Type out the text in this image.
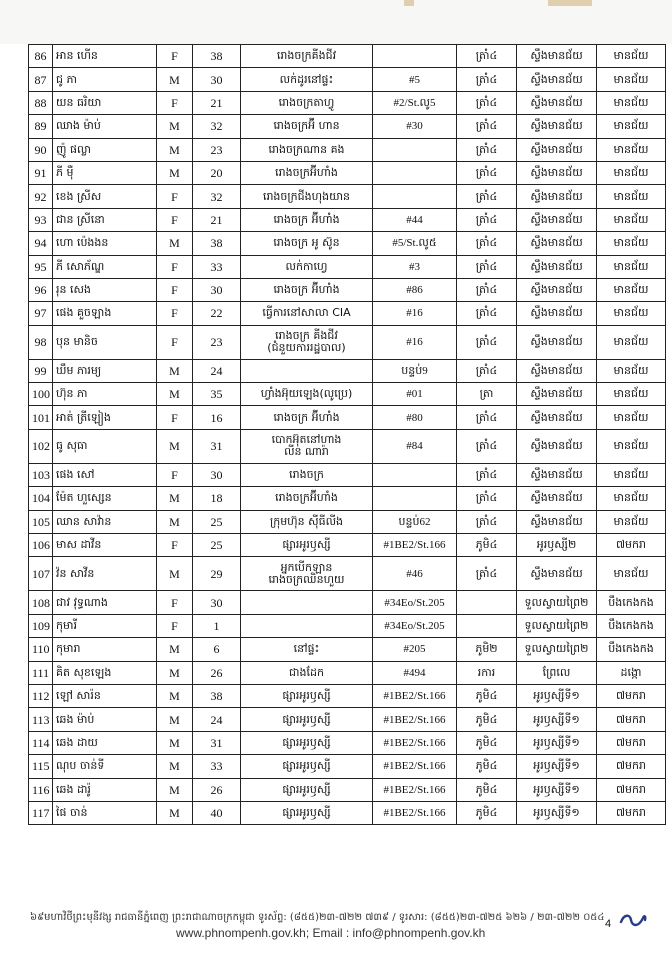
86	អាន ហើន	F	38	រោងចក្រគីងជីវ		ត្រាំ៤	ស្ទឹងមានជ័យ	មានជ័យ
87	ជូ ភា	M	30	លក់ដូរនៅផ្ទះ	#5	ត្រាំ៤	ស្ទឹងមានជ័យ	មានជ័យ
88	យន ធរិយា	F	21	រោងចក្រតាហ្វូ	#2/St.លូ5	ត្រាំ៤	ស្ទឹងមានជ័យ	មានជ័យ
89	ឈាង ម៉ាប់	M	32	រោងចក្រអ៊ី ហាន	#30	ត្រាំ៤	ស្ទឹងមានជ័យ	មានជ័យ
90	ញ៉ូ ផល្លា	M	23	រោងចក្រណាន គង		ត្រាំ៤	ស្ទឹងមានជ័យ	មានជ័យ
91	ភី ម៉ឺ	M	20	រោងចក្រអ៊ីហាំង		ត្រាំ៤	ស្ទឹងមានជ័យ	មានជ័យ
92	ខេង ស្រីស	F	32	រោងចក្រជីងហុងយាន		ត្រាំ៤	ស្ទឹងមានជ័យ	មានជ័យ
93	ជាន ស្រីនោ	F	21	រោងចក្រ អ៊ីហាំង	#44	ត្រាំ៤	ស្ទឹងមានជ័យ	មានជ័យ
94	ហោ ប៉េងងន	M	38	រោងចក្រ អូ ស៊ូន	#5/St.លូ៥	ត្រាំ៤	ស្ទឹងមានជ័យ	មានជ័យ
95	ភី សោភ័ណ្ឌ	F	33	លក់កាហ្វេ	#3	ត្រាំ៤	ស្ទឹងមានជ័យ	មានជ័យ
96	រុន សេង	F	30	រោងចក្រ អ៊ីហាំង	#86	ត្រាំ៤	ស្ទឹងមានជ័យ	មានជ័យ
97	ផេង គួចឡាង	F	22	ធ្វើការនៅសាលា CIA	#16	ត្រាំ៤	ស្ទឹងមានជ័យ	មានជ័យ
98	បុន មានិច	F	23	រោងចក្រ គីងជីវ
(ជំនួយការរដ្ឋបាល)	#16	ត្រាំ៤	ស្ទឹងមានជ័យ	មានជ័យ
99	ឃឹម ភារម្យ	M	24		បន្ទប់9	ត្រាំ៤	ស្ទឹងមានជ័យ	មានជ័យ
100	ហ៊ុន ភា	M	35	ហ្វាំងអ៊ុយឡេង(លូប្រេ)	#01	ត្រា	ស្ទឹងមានជ័យ	មានជ័យ
101	អាត់ ត្រីឡៀង	F	16	រោងចក្រ អ៊ីហាំង	#80	ត្រាំ៤	ស្ទឹងមានជ័យ	មានជ័យ
102	ធូ សុធា	M	31	បោកអ៊ុតនៅហាង
លីន ណារ៉ា	#84	ត្រាំ៤	ស្ទឹងមានជ័យ	មានជ័យ
103	ផេង សៅ	F	30	រោងចក្រ		ត្រាំ៤	ស្ទឹងមានជ័យ	មានជ័យ
104	ម៉ែត ហួស្សេន	M	18	រោងចក្រអ៊ីហាំង		ត្រាំ៤	ស្ទឹងមានជ័យ	មានជ័យ
105	ឈាន សាវ៉ាន	M	25	ក្រុមហ៊ុន ស៊ីធីលីង	បន្ទប់62	ត្រាំ៤	ស្ទឹងមានជ័យ	មានជ័យ
106	មាស ដាវីន	F	25	ផ្សារអូរឫស្សី	#1BE2/St.166	ភូមិ៤	អូរឫស្សី២	៧មករា
107	វ៉ន សាវីន	M	29	អ្នកបើកឡាន
រោងចក្រឈិនហួយ	#46	ត្រាំ៤	ស្ទឹងមានជ័យ	មានជ័យ
108	ជាវ វុទ្ធណាង	F	30		#34Eo/St.205		ទួលស្វាយព្រៃ២	បឹងកេងកង
109	កុមារី	F	1		#34Eo/St.205		ទួលស្វាយព្រៃ២	បឹងកេងកង
110	កុមារា	M	6	នៅផ្ទះ	#205	ភូមិ២	ទួលស្វាយព្រៃ២	បឹងកេងកង
111	គិត សុខឡេង	M	26	ជាងដែក	#494	រការ	ព្រែលេ	ដង្កោ
112	ឡៅ សារ៉ន	M	38	ផ្សារអូរឫស្សី	#1BE2/St.166	ភូមិ៤	អូរឫស្សីទី១	៧មករា
113	ឆេង ម៉ាប់	M	24	ផ្សារអូរឫស្សី	#1BE2/St.166	ភូមិ៤	អូរឫស្សីទី១	៧មករា
114	ឆេង ដាយ	M	31	ផ្សារអូរឫស្សី	#1BE2/St.166	ភូមិ៤	អូរឫស្សីទី១	៧មករា
115	ណុប ចាន់ទី	M	33	ផ្សារអូរឫស្សី	#1BE2/St.166	ភូមិ៤	អូរឫស្សីទី១	៧មករា
116	ឆេង ដារ៉ូ	M	26	ផ្សារអូរឫស្សី	#1BE2/St.166	ភូមិ៤	អូរឫស្សីទី១	៧មករា
117	ផៃ ចាន់	M	40	ផ្សារអូរឫស្សី	#1BE2/St.166	ភូមិ៤	អូរឫស្សីទី១	៧មករា
៦៩មហាវិថីព្រះមុនីវង្ស រាជធានីភ្នំពេញ ព្រះរាជាណាចក្រកម្ពុជា ទូរស័ព្ទ: (៨៥៥)២៣-៧២២ ៧៣៩ / ទូរសារ: (៨៥៥)២៣-៧២៥ ៦២៦ / ២៣-៧២២ ០៥៤
www.phnompenh.gov.kh; Email : info@phnompenh.gov.kh
4
